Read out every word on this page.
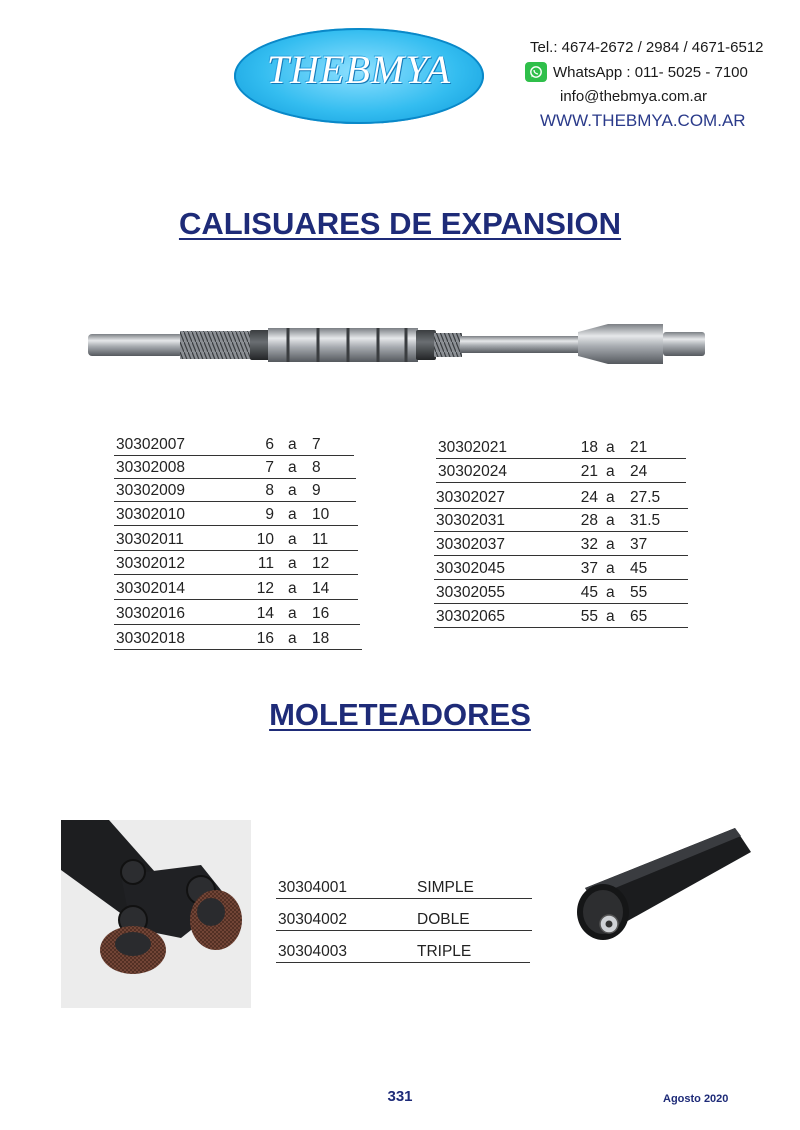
THEBMYA	Tel.: 4674-2672 / 2984 / 4671-6512
WhatsApp : 011- 5025 - 7100
info@thebmya.com.ar
WWW.THEBMYA.COM.AR
CALISUARES DE EXPANSION
30302007	6 a 7
30302008	7 a 8
30302009	8 a 9
30302010	9 a 10
30302011	10 a 11
30302012	11 a 12
30302014	12 a 14
30302016	14 a 16
30302018	16 a 18
30302021	18 a 21
30302024	21 a 24
30302027	24 a 27.5
30302031	28 a 31.5
30302037	32 a 37
30302045	37 a 45
30302055	45 a 55
30302065	55 a 65
MOLETEADORES
30304001	SIMPLE
30304002	DOBLE
30304003	TRIPLE
331	Agosto 2020
